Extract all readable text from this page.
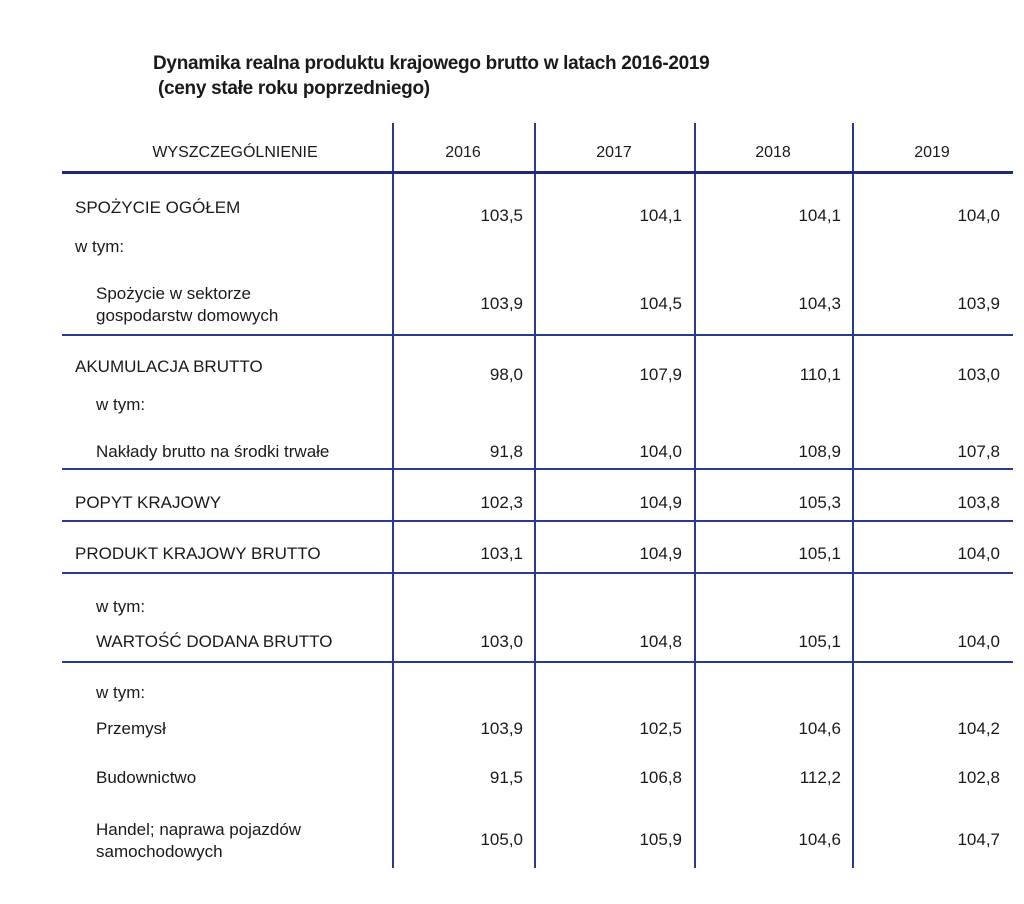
Dynamika realna produktu krajowego brutto w latach 2016-2019
(ceny stałe roku poprzedniego)
WYSZCZEGÓLNIENIE	2016	2017	2018	2019
SPOŻYCIE OGÓŁEM	103,5	104,1	104,1	104,0
w tym:
Spożycie w sektorze
gospodarstw domowych
103,9	104,5	104,3	103,9
AKUMULACJA BRUTTO	98,0	107,9	110,1	103,0
w tym:
Nakłady brutto na środki trwałe	91,8	104,0	108,9	107,8
POPYT KRAJOWY	102,3	104,9	105,3	103,8
PRODUKT KRAJOWY BRUTTO	103,1	104,9	105,1	104,0
w tym:
WARTOŚĆ DODANA BRUTTO	103,0	104,8	105,1	104,0
w tym:
Przemysł	103,9	102,5	104,6	104,2
Budownictwo	91,5	106,8	112,2	102,8
Handel; naprawa pojazdów
samochodowych
105,0	105,9	104,6	104,7
